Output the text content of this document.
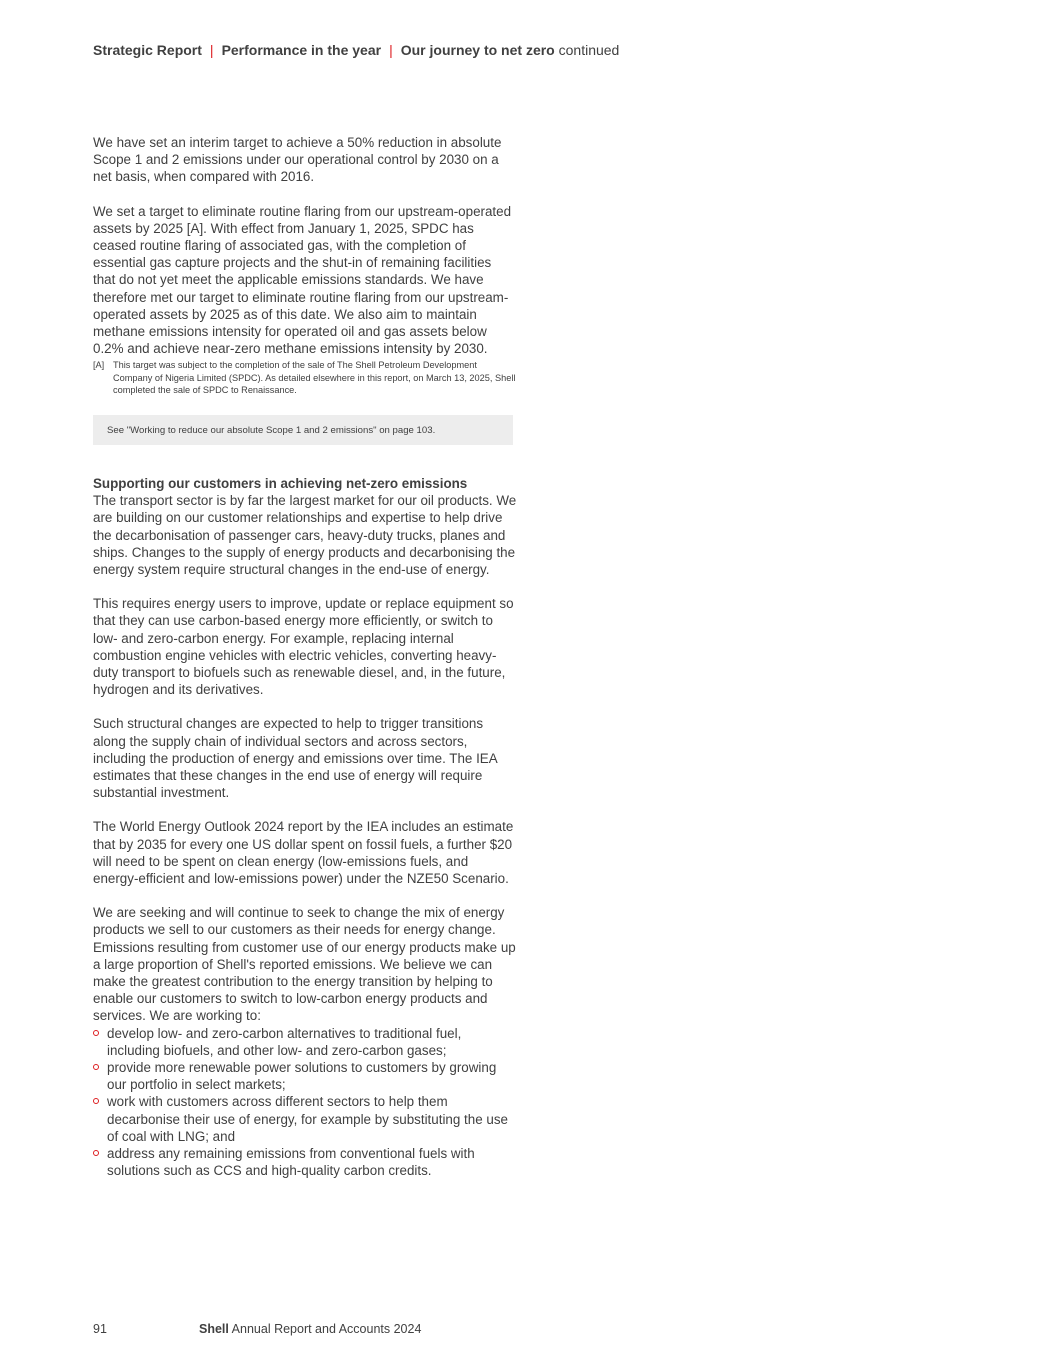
Strategic Report | Performance in the year | Our journey to net zero continued

We have set an interim target to achieve a 50% reduction in absolute Scope 1 and 2 emissions under our operational control by 2030 on a net basis, when compared with 2016.

We set a target to eliminate routine flaring from our upstream-operated assets by 2025 [A]. With effect from January 1, 2025, SPDC has ceased routine flaring of associated gas, with the completion of essential gas capture projects and the shut-in of remaining facilities that do not yet meet the applicable emissions standards. We have therefore met our target to eliminate routine flaring from our upstream-operated assets by 2025 as of this date. We also aim to maintain methane emissions intensity for operated oil and gas assets below 0.2% and achieve near-zero methane emissions intensity by 2030.

[A] This target was subject to the completion of the sale of The Shell Petroleum Development Company of Nigeria Limited (SPDC). As detailed elsewhere in this report, on March 13, 2025, Shell completed the sale of SPDC to Renaissance.
See "Working to reduce our absolute Scope 1 and 2 emissions" on page 103.
Supporting our customers in achieving net-zero emissions

The transport sector is by far the largest market for our oil products. We are building on our customer relationships and expertise to help drive the decarbonisation of passenger cars, heavy-duty trucks, planes and ships. Changes to the supply of energy products and decarbonising the energy system require structural changes in the end-use of energy.

This requires energy users to improve, update or replace equipment so that they can use carbon-based energy more efficiently, or switch to low- and zero-carbon energy. For example, replacing internal combustion engine vehicles with electric vehicles, converting heavy-duty transport to biofuels such as renewable diesel, and, in the future, hydrogen and its derivatives.

Such structural changes are expected to help to trigger transitions along the supply chain of individual sectors and across sectors, including the production of energy and emissions over time. The IEA estimates that these changes in the end use of energy will require substantial investment.

The World Energy Outlook 2024 report by the IEA includes an estimate that by 2035 for every one US dollar spent on fossil fuels, a further $20 will need to be spent on clean energy (low-emissions fuels, and energy-efficient and low-emissions power) under the NZE50 Scenario.

We are seeking and will continue to seek to change the mix of energy products we sell to our customers as their needs for energy change. Emissions resulting from customer use of our energy products make up a large proportion of Shell's reported emissions. We believe we can make the greatest contribution to the energy transition by helping to enable our customers to switch to low-carbon energy products and services. We are working to:

develop low- and zero-carbon alternatives to traditional fuel, including biofuels, and other low- and zero-carbon gases;
provide more renewable power solutions to customers by growing our portfolio in select markets;
work with customers across different sectors to help them decarbonise their use of energy, for example by substituting the use of coal with LNG; and
address any remaining emissions from conventional fuels with solutions such as CCS and high-quality carbon credits.
91	Shell Annual Report and Accounts 2024
